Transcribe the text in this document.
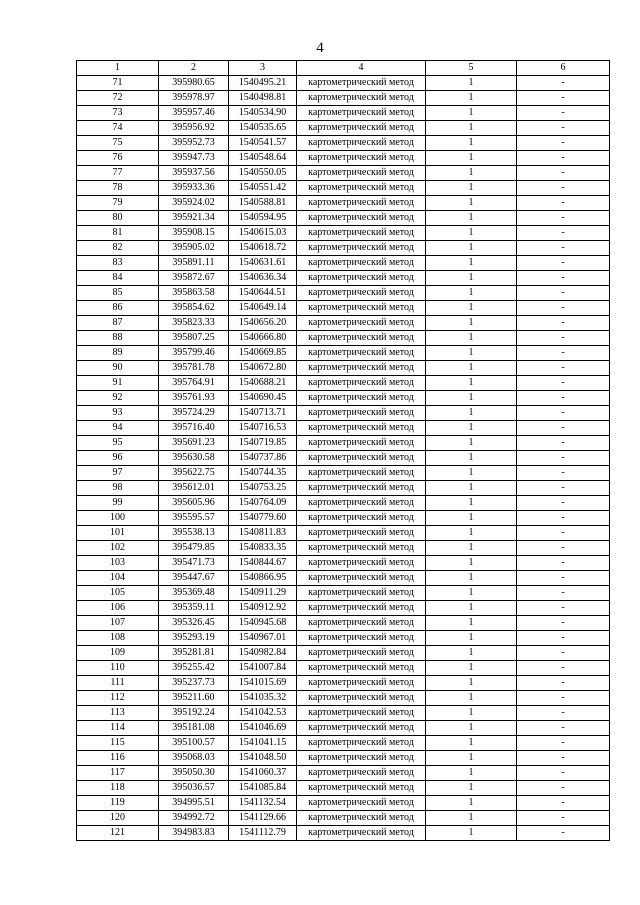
4
1	2	3	4	5	6
71	395980.65	1540495.21	картометрический метод	1	-
72	395978.97	1540498.81	картометрический метод	1	-
73	395957.46	1540534.90	картометрический метод	1	-
74	395956.92	1540535.65	картометрический метод	1	-
75	395952.73	1540541.57	картометрический метод	1	-
76	395947.73	1540548.64	картометрический метод	1	-
77	395937.56	1540550.05	картометрический метод	1	-
78	395933.36	1540551.42	картометрический метод	1	-
79	395924.02	1540588.81	картометрический метод	1	-
80	395921.34	1540594.95	картометрический метод	1	-
81	395908.15	1540615.03	картометрический метод	1	-
82	395905.02	1540618.72	картометрический метод	1	-
83	395891.11	1540631.61	картометрический метод	1	-
84	395872.67	1540636.34	картометрический метод	1	-
85	395863.58	1540644.51	картометрический метод	1	-
86	395854.62	1540649.14	картометрический метод	1	-
87	395823.33	1540656.20	картометрический метод	1	-
88	395807.25	1540666.80	картометрический метод	1	-
89	395799.46	1540669.85	картометрический метод	1	-
90	395781.78	1540672.80	картометрический метод	1	-
91	395764.91	1540688.21	картометрический метод	1	-
92	395761.93	1540690.45	картометрический метод	1	-
93	395724.29	1540713.71	картометрический метод	1	-
94	395716.40	1540716.53	картометрический метод	1	-
95	395691.23	1540719.85	картометрический метод	1	-
96	395630.58	1540737.86	картометрический метод	1	-
97	395622.75	1540744.35	картометрический метод	1	-
98	395612.01	1540753.25	картометрический метод	1	-
99	395605.96	1540764.09	картометрический метод	1	-
100	395595.57	1540779.60	картометрический метод	1	-
101	395538.13	1540811.83	картометрический метод	1	-
102	395479.85	1540833.35	картометрический метод	1	-
103	395471.73	1540844.67	картометрический метод	1	-
104	395447.67	1540866.95	картометрический метод	1	-
105	395369.48	1540911.29	картометрический метод	1	-
106	395359.11	1540912.92	картометрический метод	1	-
107	395326.45	1540945.68	картометрический метод	1	-
108	395293.19	1540967.01	картометрический метод	1	-
109	395281.81	1540982.84	картометрический метод	1	-
110	395255.42	1541007.84	картометрический метод	1	-
111	395237.73	1541015.69	картометрический метод	1	-
112	395211.60	1541035.32	картометрический метод	1	-
113	395192.24	1541042.53	картометрический метод	1	-
114	395181.08	1541046.69	картометрический метод	1	-
115	395100.57	1541041.15	картометрический метод	1	-
116	395068.03	1541048.50	картометрический метод	1	-
117	395050.30	1541060.37	картометрический метод	1	-
118	395036.57	1541085.84	картометрический метод	1	-
119	394995.51	1541132.54	картометрический метод	1	-
120	394992.72	1541129.66	картометрический метод	1	-
121	394983.83	1541112.79	картометрический метод	1	-
